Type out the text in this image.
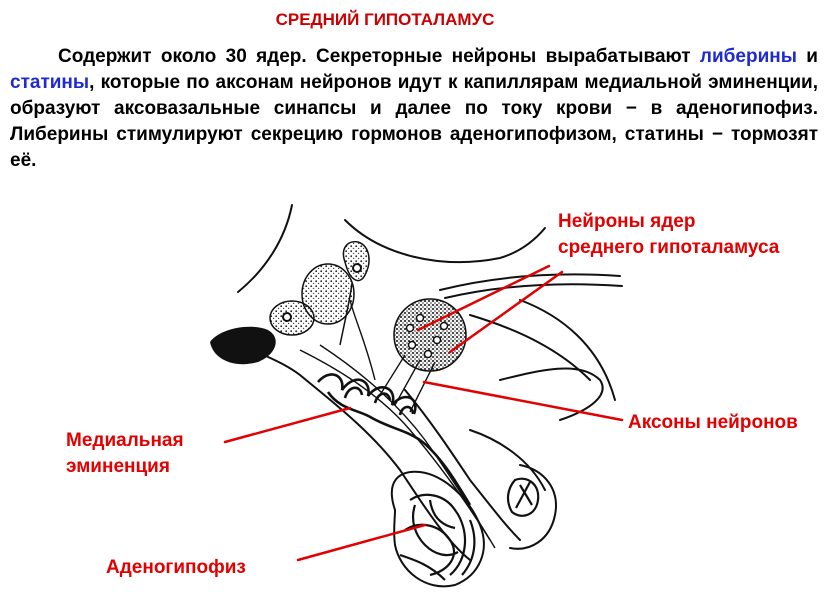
СРЕДНИЙ ГИПОТАЛАМУС
Содержит около 30 ядер. Секреторные нейроны вырабатывают либерины и статины, которые по аксонам нейронов идут к капиллярам медиальной эминенции, образуют аксовазальные синапсы и далее по току крови − в аденогипофиз. Либерины стимулируют секрецию гормонов аденогипофизом, статины − тормозят её.
Нейроны ядер
среднего гипоталамуса
Аксоны нейронов
Медиальная
эминенция
Аденогипофиз
